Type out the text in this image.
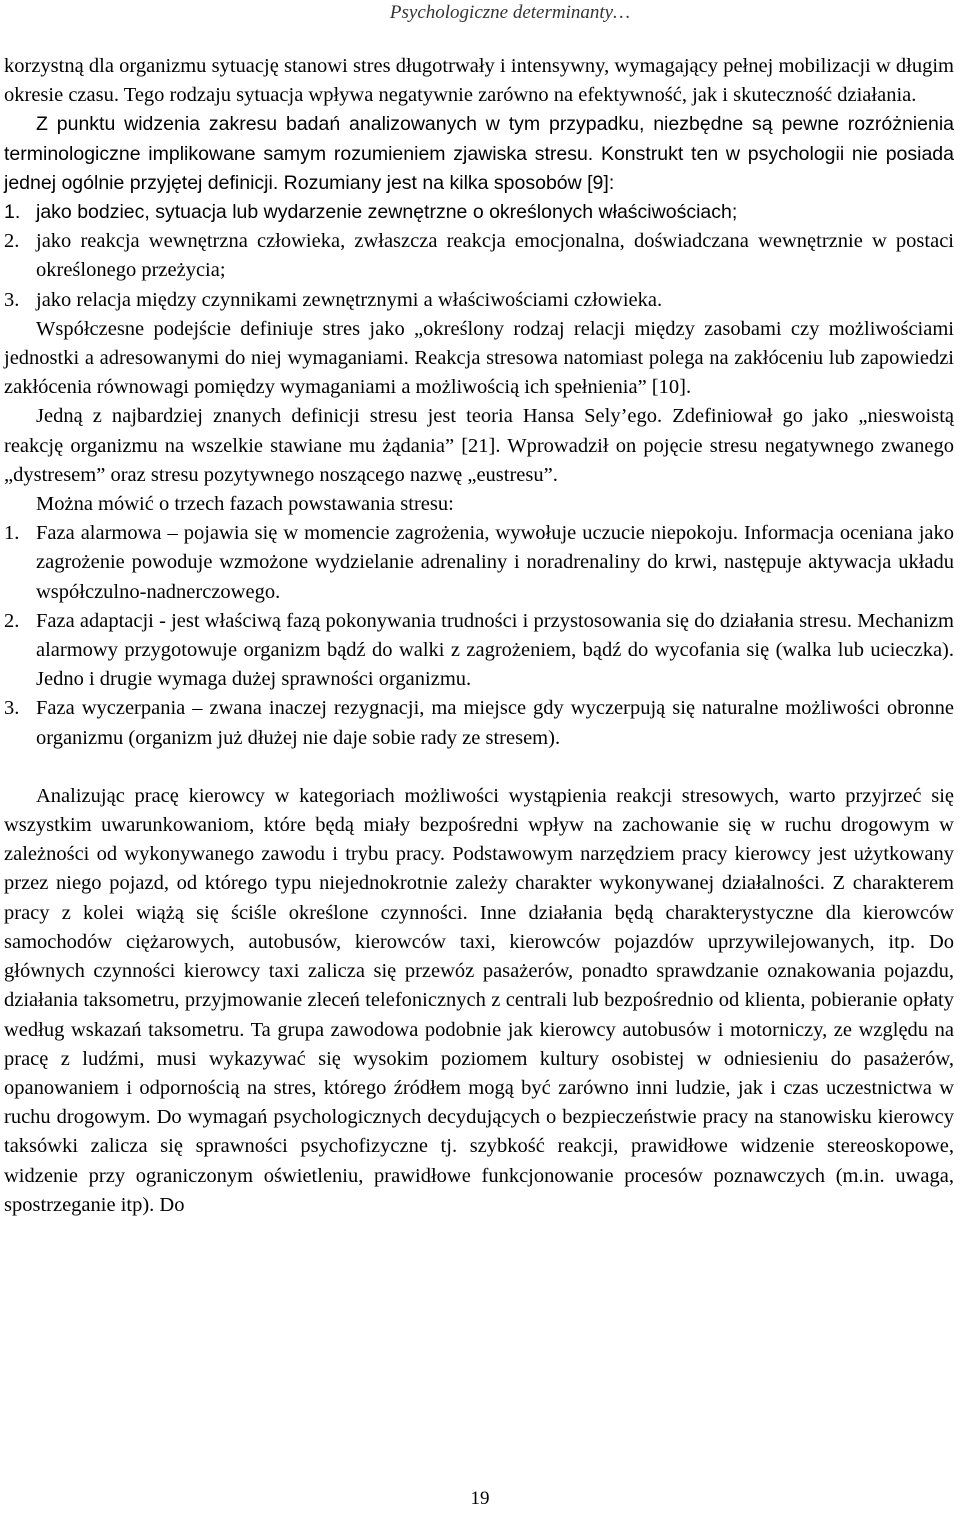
Psychologiczne determinanty…

korzystną dla organizmu sytuację stanowi stres długotrwały i intensywny, wymagający pełnej mobilizacji w długim okresie czasu. Tego rodzaju sytuacja wpływa negatywnie zarówno na efektywność, jak i skuteczność działania.

Z punktu widzenia zakresu badań analizowanych w tym przypadku, niezbędne są pewne rozróżnienia terminologiczne implikowane samym rozumieniem zjawiska stresu. Konstrukt ten w psychologii nie posiada jednej ogólnie przyjętej definicji. Rozumiany jest na kilka sposobów [9]:

1. jako bodziec, sytuacja lub wydarzenie zewnętrzne o określonych właściwościach;
2. jako reakcja wewnętrzna człowieka, zwłaszcza reakcja emocjonalna, doświadczana wewnętrznie w postaci określonego przeżycia;
3. jako relacja między czynnikami zewnętrznymi a właściwościami człowieka.

Współczesne podejście definiuje stres jako „określony rodzaj relacji między zasobami czy możliwościami jednostki a adresowanymi do niej wymaganiami. Reakcja stresowa natomiast polega na zakłóceniu lub zapowiedzi zakłócenia równowagi pomiędzy wymaganiami a możliwością ich spełnienia” [10].

Jedną z najbardziej znanych definicji stresu jest teoria Hansa Sely’ego. Zdefiniował go jako „nieswoistą reakcję organizmu na wszelkie stawiane mu żądania” [21]. Wprowadził on pojęcie stresu negatywnego zwanego „dystresem” oraz stresu pozytywnego noszącego nazwę „eustresu”.

Można mówić o trzech fazach powstawania stresu:

1. Faza alarmowa – pojawia się w momencie zagrożenia, wywołuje uczucie niepokoju. Informacja oceniana jako zagrożenie powoduje wzmożone wydzielanie adrenaliny i noradrenaliny do krwi, następuje aktywacja układu współczulno-nadnerczowego.
2. Faza adaptacji - jest właściwą fazą pokonywania trudności i przystosowania się do działania stresu. Mechanizm alarmowy przygotowuje organizm bądź do walki z zagrożeniem, bądź do wycofania się (walka lub ucieczka). Jedno i drugie wymaga dużej sprawności organizmu.
3. Faza wyczerpania – zwana inaczej rezygnacji, ma miejsce gdy wyczerpują się naturalne możliwości obronne organizmu (organizm już dłużej nie daje sobie rady ze stresem).

Analizując pracę kierowcy w kategoriach możliwości wystąpienia reakcji stresowych, warto przyjrzeć się wszystkim uwarunkowaniom, które będą miały bezpośredni wpływ na zachowanie się w ruchu drogowym w zależności od wykonywanego zawodu i trybu pracy. Podstawowym narzędziem pracy kierowcy jest użytkowany przez niego pojazd, od którego typu niejednokrotnie zależy charakter wykonywanej działalności. Z charakterem pracy z kolei wiążą się ściśle określone czynności. Inne działania będą charakterystyczne dla kierowców samochodów ciężarowych, autobusów, kierowców taxi, kierowców pojazdów uprzywilejowanych, itp. Do głównych czynności kierowcy taxi zalicza się przewóz pasażerów, ponadto sprawdzanie oznakowania pojazdu, działania taksometru, przyjmowanie zleceń telefonicznych z centrali lub bezpośrednio od klienta, pobieranie opłaty według wskazań taksometru. Ta grupa zawodowa podobnie jak kierowcy autobusów i motorniczy, ze względu na pracę z ludźmi, musi wykazywać się wysokim poziomem kultury osobistej w odniesieniu do pasażerów, opanowaniem i odpornością na stres, którego źródłem mogą być zarówno inni ludzie, jak i czas uczestnictwa w ruchu drogowym. Do wymagań psychologicznych decydujących o bezpieczeństwie pracy na stanowisku kierowcy taksówki zalicza się sprawności psychofizyczne tj. szybkość reakcji, prawidłowe widzenie stereoskopowe, widzenie przy ograniczonym oświetleniu, prawidłowe funkcjonowanie procesów poznawczych (m.in. uwaga, spostrzeganie itp). Do

19
